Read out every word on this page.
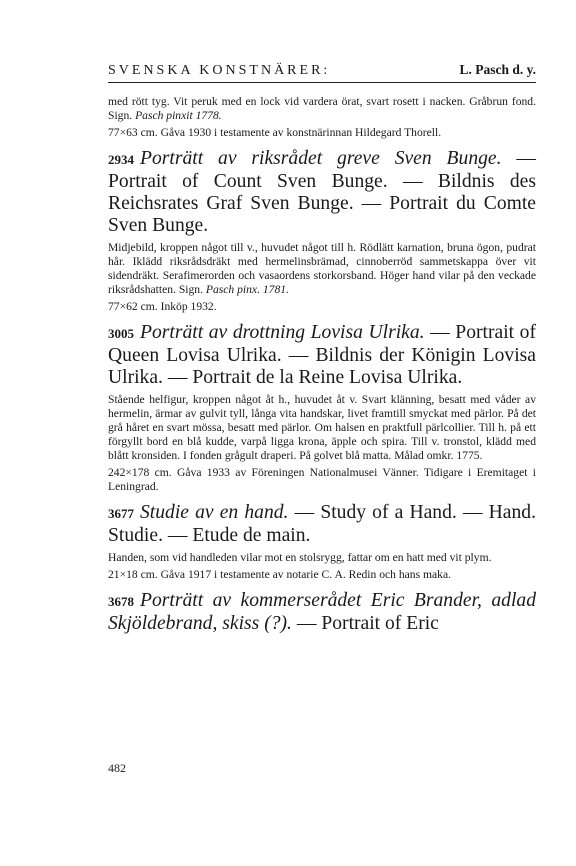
SVENSKA KONSTNÄRER:	L. Pasch d. y.

med rött tyg. Vit peruk med en lock vid vardera örat, svart rosett i nacken. Gråbrun fond. Sign. Pasch pinxit 1778.

77×63 cm. Gåva 1930 i testamente av konstnärinnan Hildegard Thorell.

2934 Porträtt av riksrådet greve Sven Bunge. — Portrait of Count Sven Bunge. — Bildnis des Reichsrates Graf Sven Bunge. — Portrait du Comte Sven Bunge.

Midjebild, kroppen något till v., huvudet något till h. Rödlätt karnation, bruna ögon, pudrat hår. Iklädd riksrådsdräkt med hermelinsbrämad, cinnoberröd sammetskappa över vit sidendräkt. Serafimerorden och vasaordens storkorsband. Höger hand vilar på den veckade riksrådshatten. Sign. Pasch pinx. 1781.

77×62 cm. Inköp 1932.

3005 Porträtt av drottning Lovisa Ulrika. — Portrait of Queen Lovisa Ulrika. — Bildnis der Königin Lovisa Ulrika. — Portrait de la Reine Lovisa Ulrika.

Stående helfigur, kroppen något åt h., huvudet åt v. Svart klänning, besatt med våder av hermelin, ärmar av gulvit tyll, långa vita handskar, livet framtill smyckat med pärlor. På det grå håret en svart mössa, besatt med pärlor. Om halsen en praktfull pärlcollier. Till h. på ett förgyllt bord en blå kudde, varpå ligga krona, äpple och spira. Till v. tronstol, klädd med blått kronsiden. I fonden grågult draperi. På golvet blå matta. Målad omkr. 1775.

242×178 cm. Gåva 1933 av Föreningen Nationalmusei Vänner. Tidigare i Eremitaget i Leningrad.

3677 Studie av en hand. — Study of a Hand. — Hand. Studie. — Etude de main.

Handen, som vid handleden vilar mot en stolsrygg, fattar om en hatt med vit plym.

21×18 cm. Gåva 1917 i testamente av notarie C. A. Redin och hans maka.

3678 Porträtt av kommerserådet Eric Brander, adlad Skjöldebrand, skiss (?). — Portrait of Eric

482
